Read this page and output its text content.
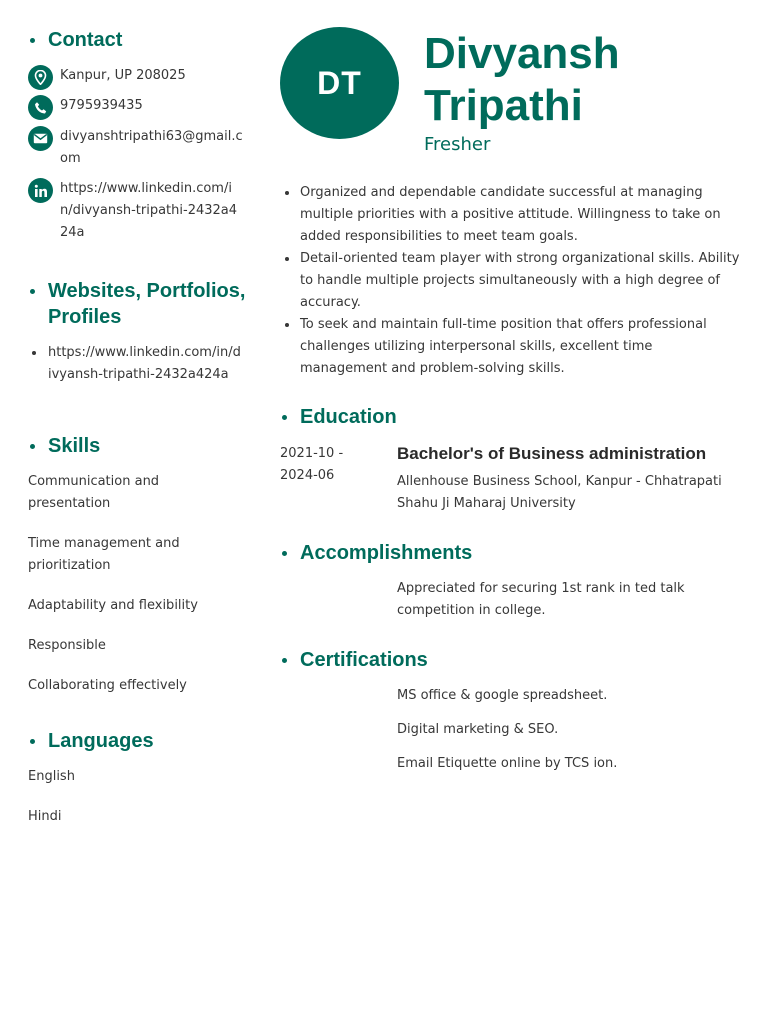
Contact
Kanpur, UP 208025
9795939435
divyanshtripathi63@gmail.com
https://www.linkedin.com/in/divyansh-tripathi-2432a424a
Websites, Portfolios, Profiles
https://www.linkedin.com/in/divyansh-tripathi-2432a424a
Skills
Communication and presentation
Time management and prioritization
Adaptability and flexibility
Responsible
Collaborating effectively
Languages
English
Hindi
DT
Divyansh
Tripathi
Fresher
Organized and dependable candidate successful at managing multiple priorities with a positive attitude. Willingness to take on added responsibilities to meet team goals.
Detail-oriented team player with strong organizational skills. Ability to handle multiple projects simultaneously with a high degree of accuracy.
To seek and maintain full-time position that offers professional challenges utilizing interpersonal skills, excellent time management and problem-solving skills.
Education
2021-10 - 2024-06
Bachelor's of Business administration
Allenhouse Business School, Kanpur - Chhatrapati Shahu Ji Maharaj University
Accomplishments
Appreciated for securing 1st rank in ted talk competition in college.
Certifications
MS office & google spreadsheet.
Digital marketing & SEO.
Email Etiquette online by TCS ion.
